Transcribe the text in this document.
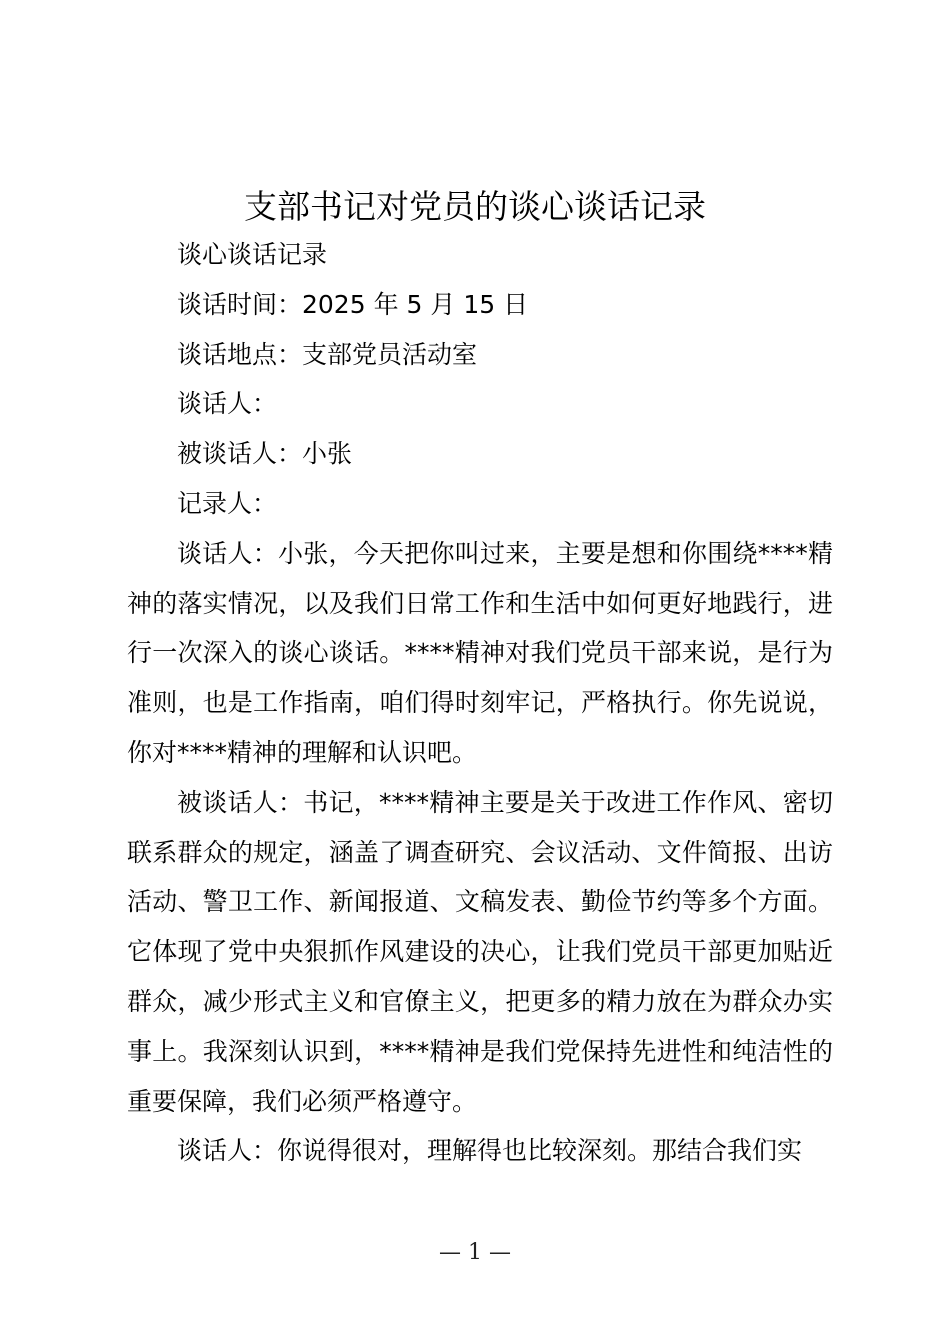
支部书记对党员的谈心谈话记录

谈心谈话记录

谈话时间：2025 年 5 月 15 日

谈话地点：支部党员活动室

谈话人：

被谈话人：小张

记录人：

谈话人：小张，今天把你叫过来，主要是想和你围绕****精神的落实情况，以及我们日常工作和生活中如何更好地践行，进行一次深入的谈心谈话。****精神对我们党员干部来说，是行为准则，也是工作指南，咱们得时刻牢记，严格执行。你先说说，你对****精神的理解和认识吧。

被谈话人：书记，****精神主要是关于改进工作作风、密切联系群众的规定，涵盖了调查研究、会议活动、文件简报、出访活动、警卫工作、新闻报道、文稿发表、勤俭节约等多个方面。它体现了党中央狠抓作风建设的决心，让我们党员干部更加贴近群众，减少形式主义和官僚主义，把更多的精力放在为群众办实事上。我深刻认识到，****精神是我们党保持先进性和纯洁性的重要保障，我们必须严格遵守。

谈话人：你说得很对，理解得也比较深刻。那结合我们实

— 1 —
